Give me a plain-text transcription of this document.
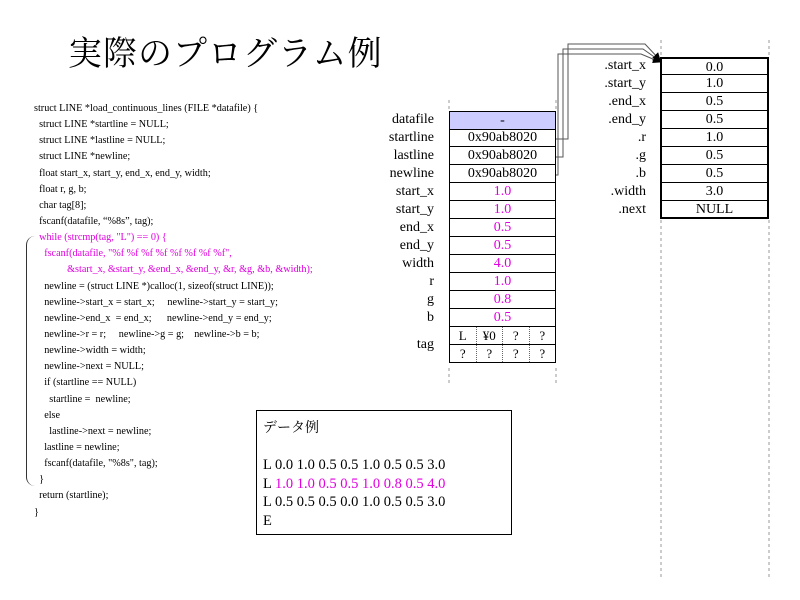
実際のプログラム例
struct LINE *load_continuous_lines (FILE *datafile) {
struct LINE *startline = NULL;
struct LINE *lastline = NULL;
struct LINE *newline;
float start_x, start_y, end_x, end_y, width;
float r, g, b;
char tag[8];
fscanf(datafile, “%8s”, tag);
while (strcmp(tag, "L") == 0) {
fscanf(datafile, "%f %f %f %f %f %f %f %f",
&start_x, &start_y, &end_x, &end_y, &r, &g, &b, &width);
newline = (struct LINE *)calloc(1, sizeof(struct LINE));
newline->start_x = start_x;     newline->start_y = start_y;
newline->end_x  = end_x;      newline->end_y = end_y;
newline->r = r;     newline->g = g;    newline->b = b;
newline->width = width;
newline->next = NULL;
if (startline == NULL)
startline =  newline;
else
lastline->next = newline;
lastline = newline;
fscanf(datafile, "%8s", tag);
}
return (startline);
}
datafile	-
startline	0x90ab8020
lastline	0x90ab8020
newline	0x90ab8020
start_x	1.0
start_y	1.0
end_x	0.5
end_y	0.5
width	4.0
r	1.0
g	0.8
b	0.5
tag
L	¥0	?	?
?	?	?	?
.start_x	0.0
.start_y	1.0
.end_x	0.5
.end_y	0.5
.r	1.0
.g	0.5
.b	0.5
.width	3.0
.next	NULL
データ例
L 0.0 1.0 0.5 0.5 1.0 0.5 0.5 3.0
L 1.0 1.0 0.5 0.5 1.0 0.8 0.5 4.0
L 0.5 0.5 0.5 0.0 1.0 0.5 0.5 3.0
E
